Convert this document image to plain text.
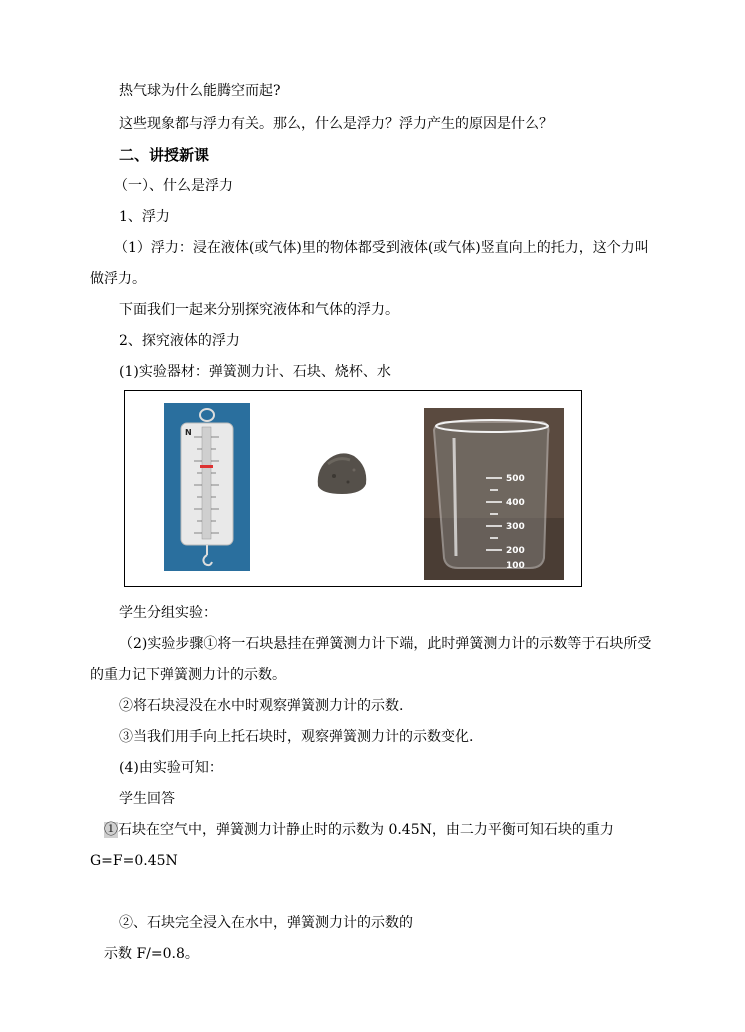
热气球为什么能腾空而起?
这些现象都与浮力有关。那么，什么是浮力？浮力产生的原因是什么？
二、讲授新课
（一）、什么是浮力
1、浮力
（1）浮力：浸在液体(或气体)里的物体都受到液体(或气体)竖直向上的托力，这个力叫
做浮力。
下面我们一起来分别探究液体和气体的浮力。
2、探究液体的浮力
(1)实验器材：弹簧测力计、石块、烧杯、水
N
500
400
300
200
100
学生分组实验：
（2)实验步骤①将一石块悬挂在弹簧测力计下端，此时弹簧测力计的示数等于石块所受
的重力记下弹簧测力计的示数。
②将石块浸没在水中时观察弹簧测力计的示数.
③当我们用手向上托石块时，观察弹簧测力计的示数变化.
(4)由实验可知：
学生回答
①石块在空气中，弹簧测力计静止时的示数为 0.45N，由二力平衡可知石块的重力
G=F=0.45N
②、石块完全浸入在水中，弹簧测力计的示数的
示数 F/=0.8。
